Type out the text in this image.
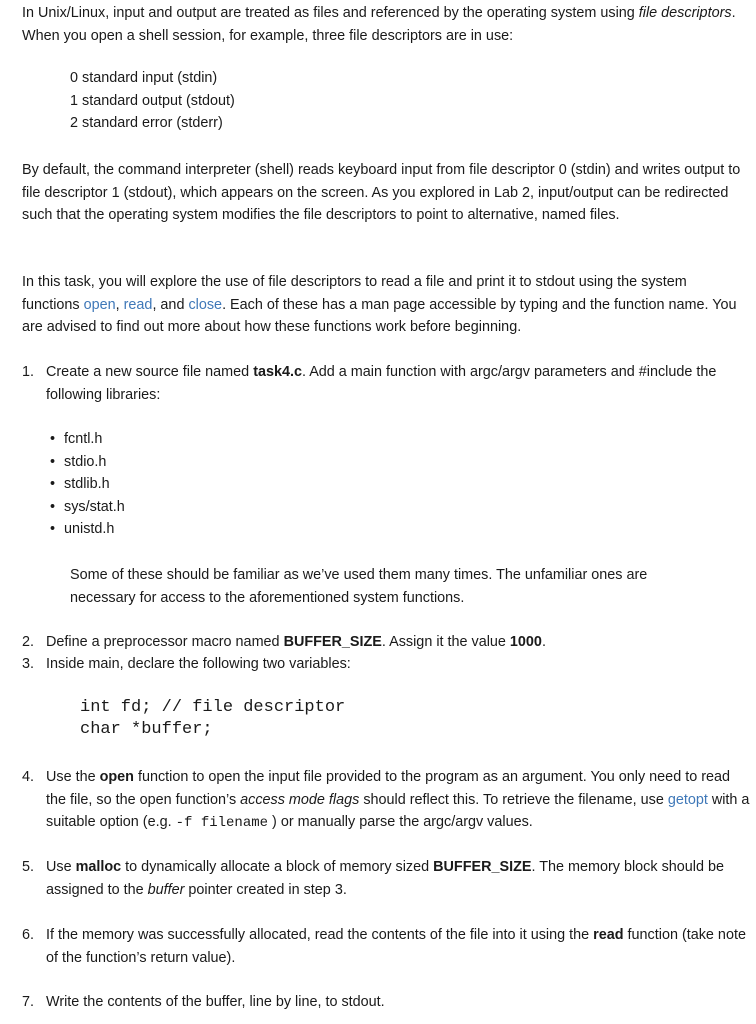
In Unix/Linux, input and output are treated as files and referenced by the operating system using file descriptors. When you open a shell session, for example, three file descriptors are in use:

0 standard input (stdin)
1 standard output (stdout)
2 standard error (stderr)

By default, the command interpreter (shell) reads keyboard input from file descriptor 0 (stdin) and writes output to file descriptor 1 (stdout), which appears on the screen. As you explored in Lab 2, input/output can be redirected such that the operating system modifies the file descriptors to point to alternative, named files.

In this task, you will explore the use of file descriptors to read a file and print it to stdout using the system functions open, read, and close. Each of these has a man page accessible by typing and the function name. You are advised to find out more about how these functions work before beginning.

1. Create a new source file named task4.c. Add a main function with argc/argv parameters and #include the following libraries:

• fcntl.h
• stdio.h
• stdlib.h
• sys/stat.h
• unistd.h

Some of these should be familiar as we’ve used them many times. The unfamiliar ones are necessary for access to the aforementioned system functions.

2. Define a preprocessor macro named BUFFER_SIZE. Assign it the value 1000.

3. Inside main, declare the following two variables:

int fd; // file descriptor
char *buffer;
4. Use the open function to open the input file provided to the program as an argument. You only need to read the file, so the open function’s access mode flags should reflect this. To retrieve the filename, use getopt with a suitable option (e.g. -f filename ) or manually parse the argc/argv values.

5. Use malloc to dynamically allocate a block of memory sized BUFFER_SIZE. The memory block should be assigned to the buffer pointer created in step 3.

6. If the memory was successfully allocated, read the contents of the file into it using the read function (take note of the function’s return value).

7. Write the contents of the buffer, line by line, to stdout.
